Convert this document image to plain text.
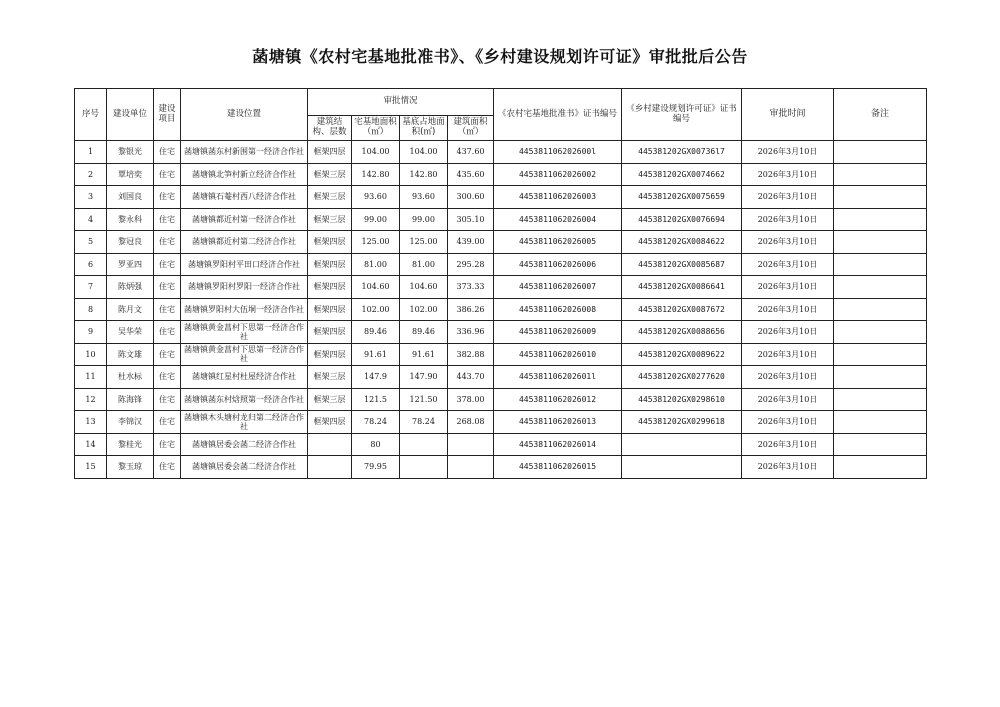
菡塘镇《农村宅基地批准书》、《乡村建设规划许可证》审批批后公告
序号	建设单位	建设项目	建设位置	审批情况				《农村宅基地批准书》证书编号	《乡村建设规划许可证》证书编号	审批时间	备注
				建筑结构、层数	宅基地面积（㎡）	基底占地面积(㎡)	建筑面积（㎡）				
1	黎银光	住宅	菡塘镇菡东村新围第一经济合作社	框架四层	104.00	104.00	437.60	445381106202600l	445381202GX00736l7	2026年3月10日	
2	覃培奕	住宅	菡塘镇北笋村新立经济合作社	框架三层	142.80	142.80	435.60	4453811062026002	445381202GX0074662	2026年3月10日	
3	刘国良	住宅	菡塘镇石菴村西八经济合作社	框架三层	93.60	93.60	300.60	4453811062026003	445381202GX0075659	2026年3月10日	
4	黎永科	住宅	菡塘镇都近村第一经济合作社	框架三层	99.00	99.00	305.10	4453811062026004	445381202GX0076694	2026年3月10日	
5	黎冠良	住宅	菡塘镇都近村第二经济合作社	框架四层	125.00	125.00	439.00	4453811062026005	445381202GX0084622	2026年3月10日	
6	罗亚四	住宅	菡塘镇罗阳村平田口经济合作社	框架四层	81.00	81.00	295.28	4453811062026006	445381202GX0085687	2026年3月10日	
7	陈炳强	住宅	菡塘镇罗阳村罗阳一经济合作社	框架四层	104.60	104.60	373.33	4453811062026007	445381202GX0086641	2026年3月10日	
8	陈月文	住宅	菡塘镇罗阳村大伍垌一经济合作社	框架四层	102.00	102.00	386.26	4453811062026008	445381202GX0087672	2026年3月10日	
9	吴华荣	住宅	菡塘镇黄金菖村下思第一经济合作社	框架四层	89.46	89.46	336.96	4453811062026009	445381202GX0088656	2026年3月10日	
10	陈文雄	住宅	菡塘镇黄金菖村下思第一经济合作社	框架四层	91.61	91.61	382.88	4453811062026010	445381202GX0089622	2026年3月10日	
11	杜水标	住宅	菡塘镇红星村杜屋经济合作社	框架三层	147.9	147.90	443.70	445381106202601l	445381202GX0277620	2026年3月10日	
12	陈海锋	住宅	菡塘镇菡东村焓照第一经济合作社	框架三层	121.5	121.50	378.00	4453811062026012	445381202GX0298610	2026年3月10日	
13	李锦汉	住宅	菡塘镇木头塘村龙归第二经济合作社	框架四层	78.24	78.24	268.08	4453811062026013	445381202GX0299618	2026年3月10日	
14	黎桂光	住宅	菡塘镇居委会菡二经济合作社		80			4453811062026014		2026年3月10日	
15	黎玉琼	住宅	菡塘镇居委会菡二经济合作社		79.95			4453811062026015		2026年3月10日	
